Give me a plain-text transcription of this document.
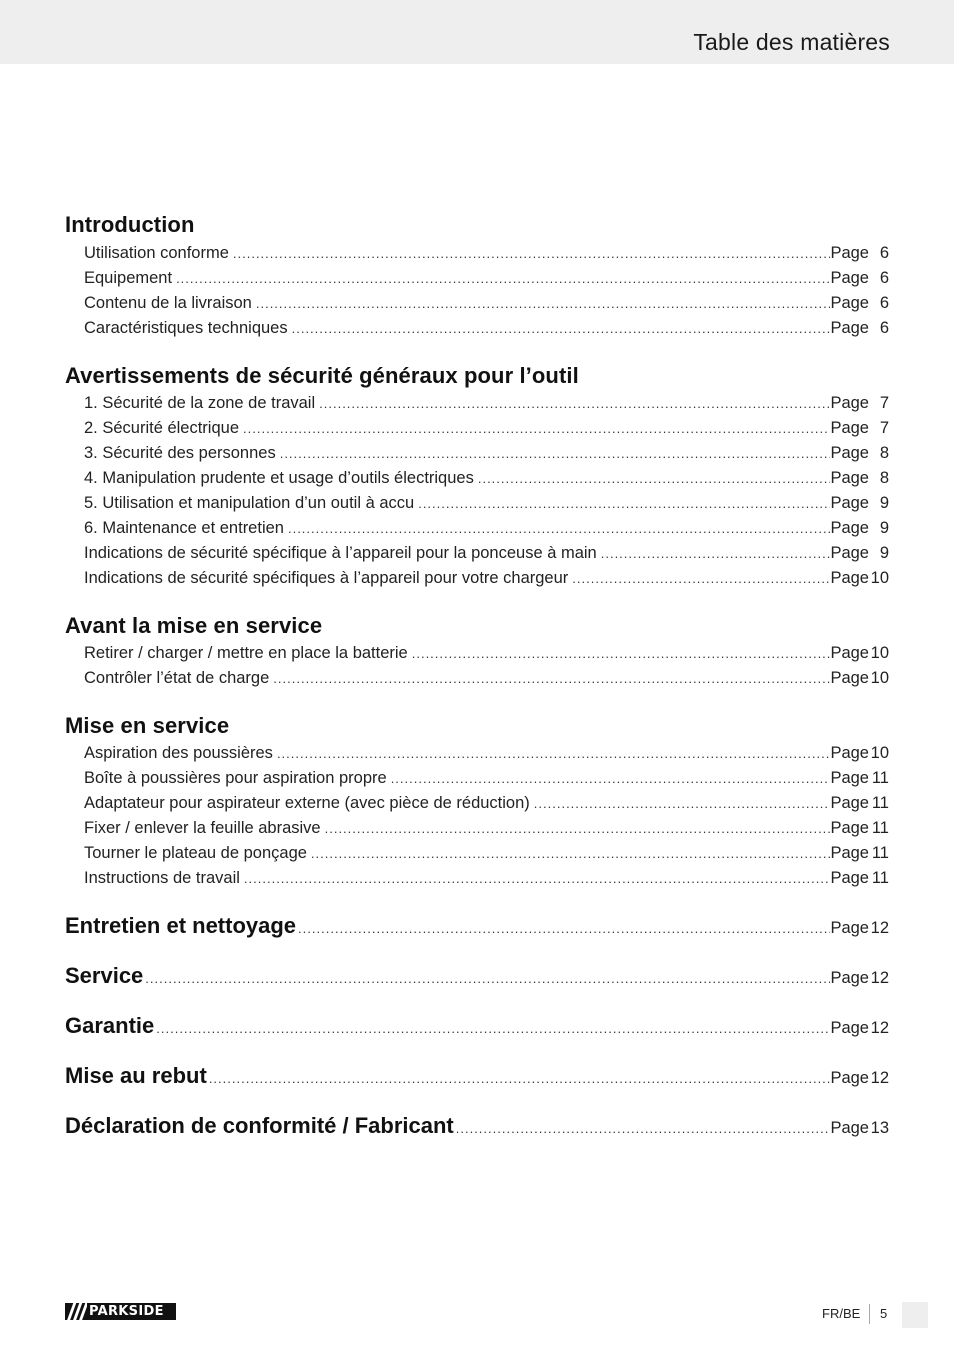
Table des matières
Introduction
Utilisation conforme .....	Page 6
Equipement .....	Page 6
Contenu de la livraison .....	Page 6
Caractéristiques techniques .....	Page 6
Avertissements de sécurité généraux pour l’outil
1. Sécurité de la zone de travail .....	Page 7
2. Sécurité électrique .....	Page 7
3. Sécurité des personnes .....	Page 8
4. Manipulation prudente et usage d’outils électriques .....	Page 8
5. Utilisation et manipulation d’un outil à accu .....	Page 9
6. Maintenance et entretien .....	Page 9
Indications de sécurité spécifique à l’appareil pour la ponceuse à main .....	Page 9
Indications de sécurité spécifiques à l’appareil pour votre chargeur .....	Page 10
Avant la mise en service
Retirer / charger / mettre en place la batterie .....	Page 10
Contrôler l’état de charge .....	Page 10
Mise en service
Aspiration des poussières .....	Page 10
Boîte à poussières pour aspiration propre .....	Page 11
Adaptateur pour aspirateur externe (avec pièce de réduction) .....	Page 11
Fixer / enlever la feuille abrasive .....	Page 11
Tourner le plateau de ponçage .....	Page 11
Instructions de travail .....	Page 11
Entretien et nettoyage .....	Page 12
Service .....	Page 12
Garantie .....	Page 12
Mise au rebut .....	Page 12
Déclaration de conformité / Fabricant .....	Page 13
PARKSIDE	FR/BE 5
